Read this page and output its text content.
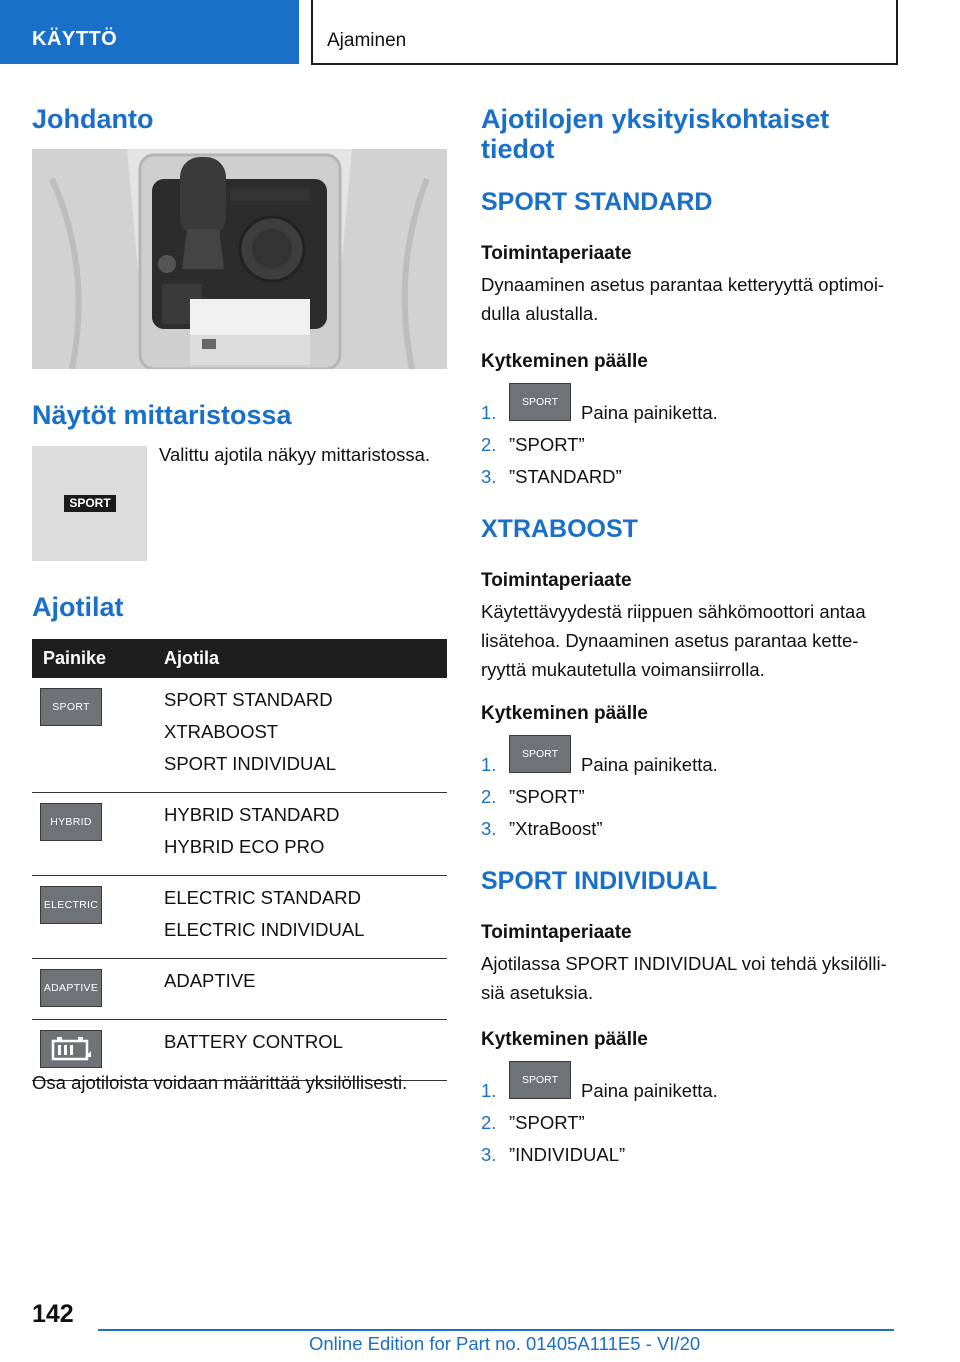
KÄYTTÖ	Ajaminen
Johdanto
Näytöt mittaristossa
SPORT
Valittu ajotila näkyy mittaristossa.
Ajotilat
Painike	Ajotila

SPORT	SPORT STANDARD
XTRABOOST
SPORT INDIVIDUAL

HYBRID	HYBRID STANDARD
HYBRID ECO PRO

ELECTRIC	ELECTRIC STANDARD
ELECTRIC INDIVIDUAL

ADAPTIVE	ADAPTIVE

BATTERY CONTROL
Osa ajotiloista voidaan määrittää yksilöllisesti.
Ajotilojen yksityiskohtaiset
tiedot
SPORT STANDARD
Toimintaperiaate
Dynaaminen asetus parantaa ketteryyttä optimoi‐
dulla alustalla.
Kytkeminen päälle
SPORT
1.	Paina painiketta.
2. ”SPORT”
3. ”STANDARD”
XTRABOOST
Toimintaperiaate
Käytettävyydestä riippuen sähkömoottori antaa
lisätehoa. Dynaaminen asetus parantaa kette‐
ryyttä mukautetulla voimansiirrolla.
Kytkeminen päälle
SPORT
1.	Paina painiketta.
2. ”SPORT”
3. ”XtraBoost”
SPORT INDIVIDUAL
Toimintaperiaate
Ajotilassa SPORT INDIVIDUAL voi tehdä yksilölli‐
siä asetuksia.
Kytkeminen päälle
SPORT
1.	Paina painiketta.
2. ”SPORT”
3. ”INDIVIDUAL”
142
Online Edition for Part no. 01405A111E5 - VI/20
